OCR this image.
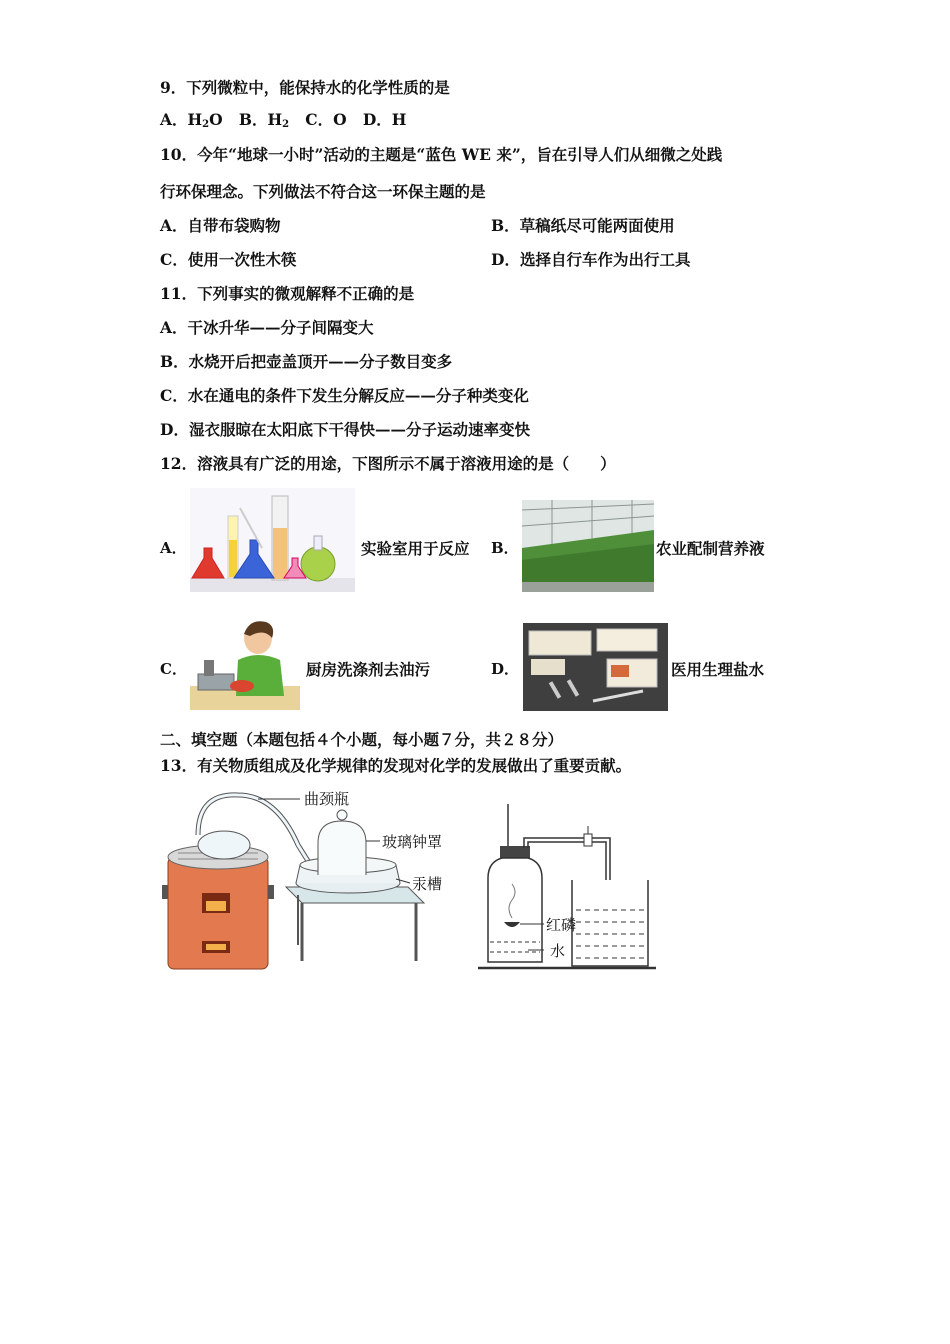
9．下列微粒中，能保持水的化学性质的是
A．$H_2O$ B．$H_2$ C．O D．H
10．今年“地球一小时”活动的主题是“蓝色 WE 来”，旨在引导人们从细微之处践
行环保理念。下列做法不符合这一环保主题的是
A．自带布袋购物	B．草稿纸尽可能两面使用
C．使用一次性木筷	D．选择自行车作为出行工具
11．下列事实的微观解释不正确的是
A．干冰升华——分子间隔变大
B．水烧开后把壶盖顶开——分子数目变多
C．水在通电的条件下发生分解反应——分子种类变化
D．湿衣服晾在太阳底下干得快——分子运动速率变快
12．溶液具有广泛的用途，下图所示不属于溶液用途的是（　　）
A．	实验室用于反应 B．	农业配制营养液
C．	厨房洗涤剂去油污	D．	医用生理盐水
二、填空题（本题包括４个小题，每小题７分，共２８分）
13．有关物质组成及化学规律的发现对化学的发展做出了重要贡献。
曲颈瓶
玻璃钟罩
汞槽
红磷
水
